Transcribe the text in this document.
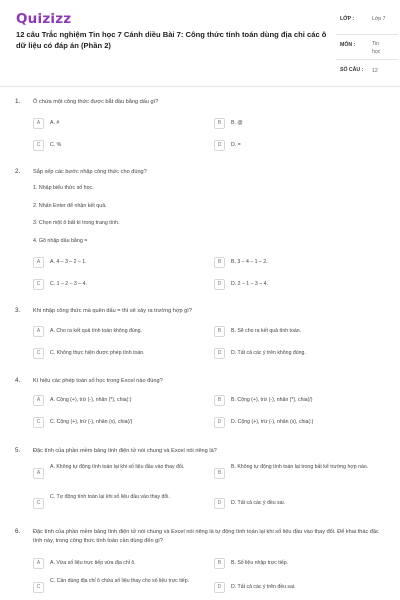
Quizizz
12 câu Trắc nghiệm Tin học 7 Cánh diều Bài 7: Công thức tính toán dùng địa chỉ các ô dữ liệu có đáp án (Phần 2)
LỚP :	Lớp 7
MÔN :	Tin học
SỐ CÂU : 12
1. Ô chứa một công thức được bắt đầu bằng dấu gì?
A	A. #	B	B. @
C	C. %	D	D. =
2. Sắp xếp các bước nhập công thức cho đúng?
1. Nhập biểu thức số học.
2. Nhấn Enter để nhận kết quả.
3. Chọn một ô bất kì trong trang tính.
4. Gõ nhập dấu bằng =
A	A. 4 – 3 – 2 – 1.	B	B. 3 – 4 – 1 – 2.
C	C. 1 – 2 – 3 – 4.	D	D. 2 – 1 – 3 – 4.
3. Khi nhập công thức mà quên dấu = thì sẽ xảy ra trường hợp gì?
A	A. Cho ra kết quả tính toán không đúng.	B	B. Sẽ cho ra kết quả tính toán.
C	C. Không thực hiện được phép tính toán.	D	D. Tất cả các ý trên không đúng.
4. Kí hiệu các phép toán số học trong Excel nào đúng?
A	A. Cộng (+), trừ (-), nhân (*), chia(:)	B	B. Cộng (+), trừ (-), nhân (*), chia(/)
C	C. Cộng (+), trừ (-), nhân (x), chia(/)	D	D. Cộng (+), trừ (-), nhân (x), chia(:)
5. Đặc tính của phần mềm bảng tính điện tử nói chung và Excel nói riêng là?
A
A. Không tự động tính toán lại khi số liệu đầu vào thay đổi.
B
B. Không tự động tính toán lại trong bất kể trường hợp nào.
C
C. Tự động tính toán lại khi số liệu đầu vào thay đổi.
D	D. Tất cả các ý đều sai.
6. Đặc tính của phần mềm bảng tính điện tử nói chung và Excel nói riêng là tự động tính toán lại khi số liệu đầu vào thay đổi. Để khai thác đặc tính này, trong công thức tính toán cần dùng đến gì?
A	A. Vừa số liệu trực tiếp vừa địa chỉ ô.	B	B. Số liệu nhập trực tiếp.
C
C. Cần dùng địa chỉ ô chứa số liệu thay cho số liệu trực tiếp.
D	D. Tất cả các ý trên đều sai.
